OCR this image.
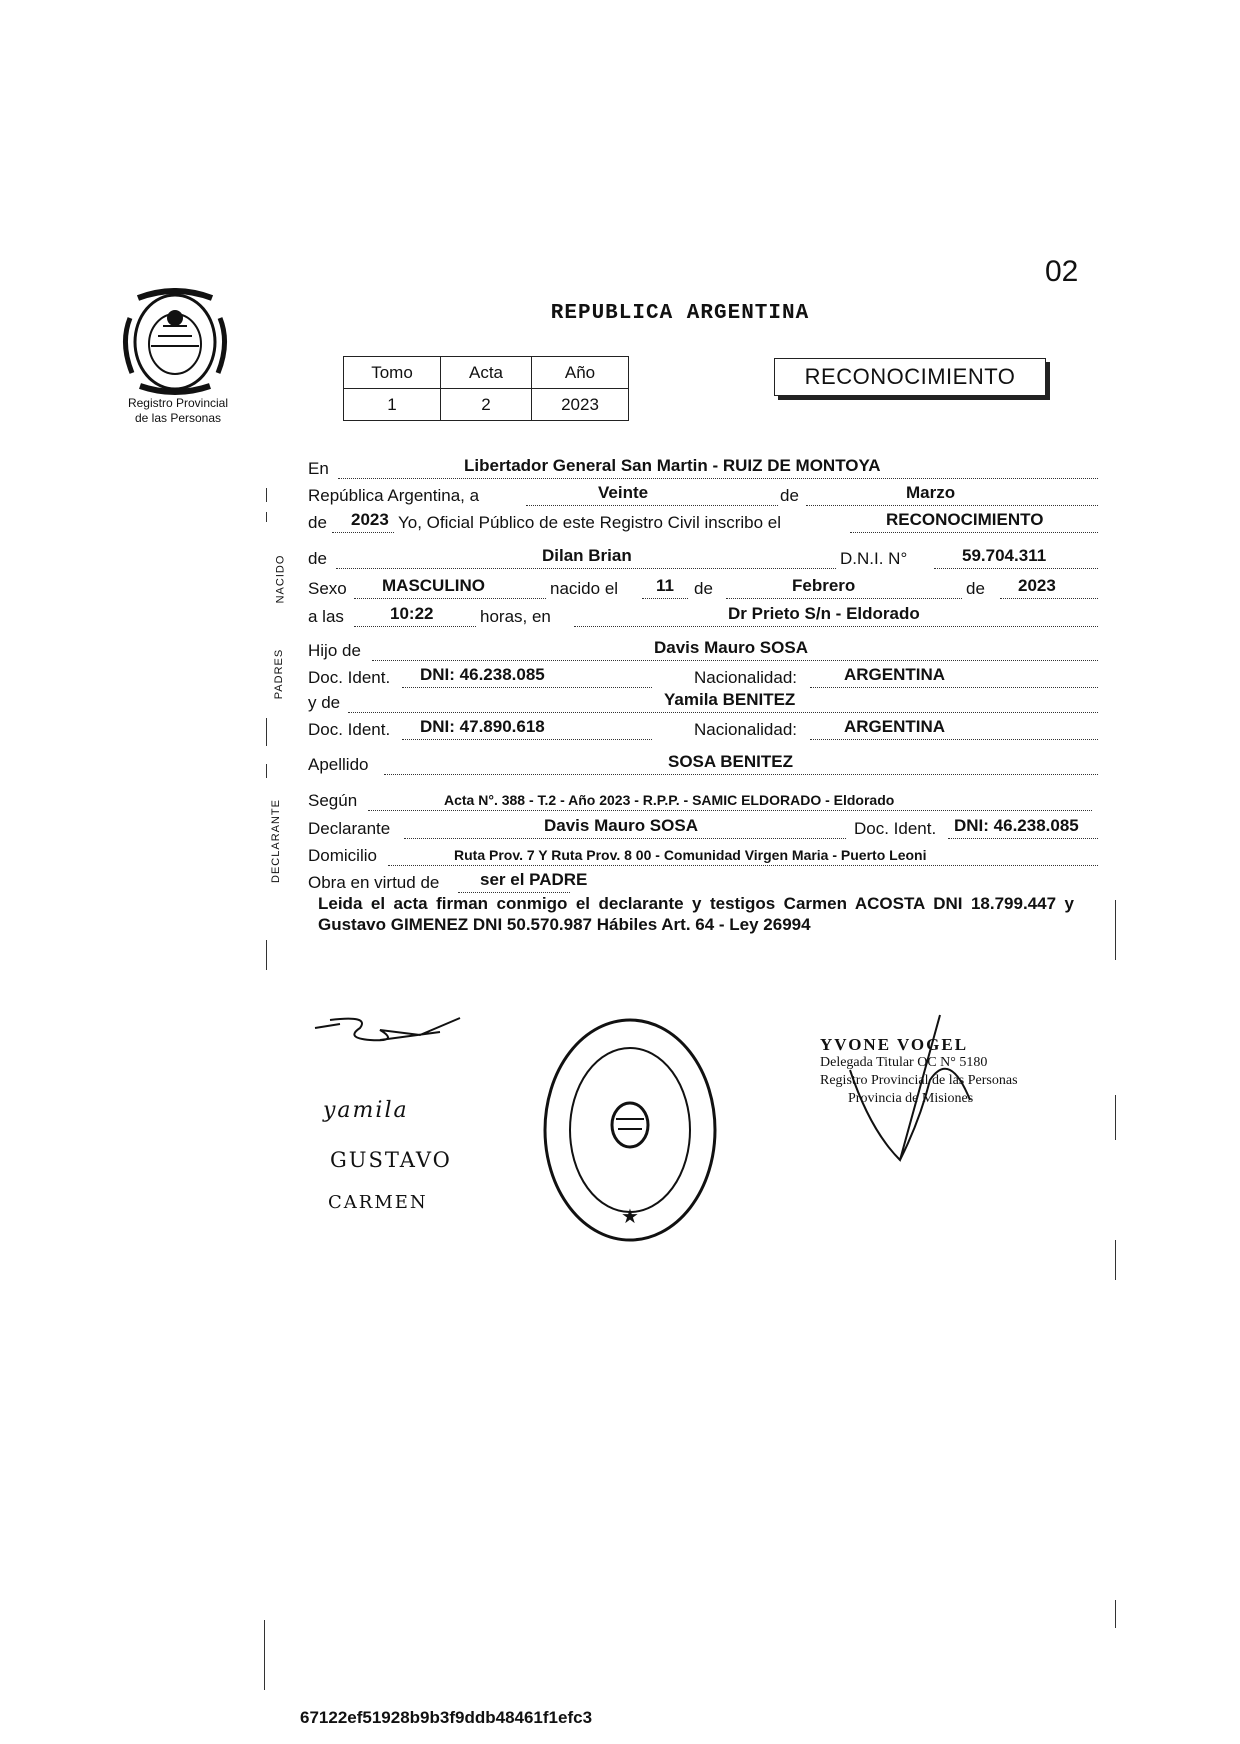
02
REPUBLICA ARGENTINA
Registro Provincial
de las Personas
Tomo	Acta	Año
1	2	2023
RECONOCIMIENTO
NACIDO
PADRES
DECLARANTE
En	Libertador General San Martin - RUIZ DE MONTOYA
República Argentina, a	Veinte	de	Marzo
de 2023 Yo, Oficial Público de este Registro Civil inscribo el	RECONOCIMIENTO
de	Dilan Brian	D.N.I. N°	59.704.311
Sexo MASCULINO	nacido el 11 de	Febrero	de 2023
a las	10:22	horas, en	Dr Prieto S/n - Eldorado
Hijo de	Davis Mauro SOSA
Doc. Ident. DNI: 46.238.085	Nacionalidad:	ARGENTINA
y de	Yamila BENITEZ
Doc. Ident. DNI: 47.890.618	Nacionalidad:	ARGENTINA
Apellido	SOSA BENITEZ
Según	Acta N°. 388 - T.2 - Año 2023 - R.P.P. - SAMIC ELDORADO - Eldorado
Declarante	Davis Mauro SOSA	Doc. Ident. DNI: 46.238.085
Domicilio	Ruta Prov. 7 Y Ruta Prov. 8 00 - Comunidad Virgen Maria - Puerto Leoni
Obra en virtud de ser el PADRE
Leida el acta firman conmigo el declarante y testigos Carmen ACOSTA DNI 18.799.447 y Gustavo GIMENEZ DNI 50.570.987 Hábiles Art. 64 - Ley 26994
yamila
GUSTAVO
CARMEN
★
YVONE VOGEL
Delegada Titular OC N° 5180
Registro Provincial de las Personas
Provincia de Misiones
67122ef51928b9b3f9ddb48461f1efc3
